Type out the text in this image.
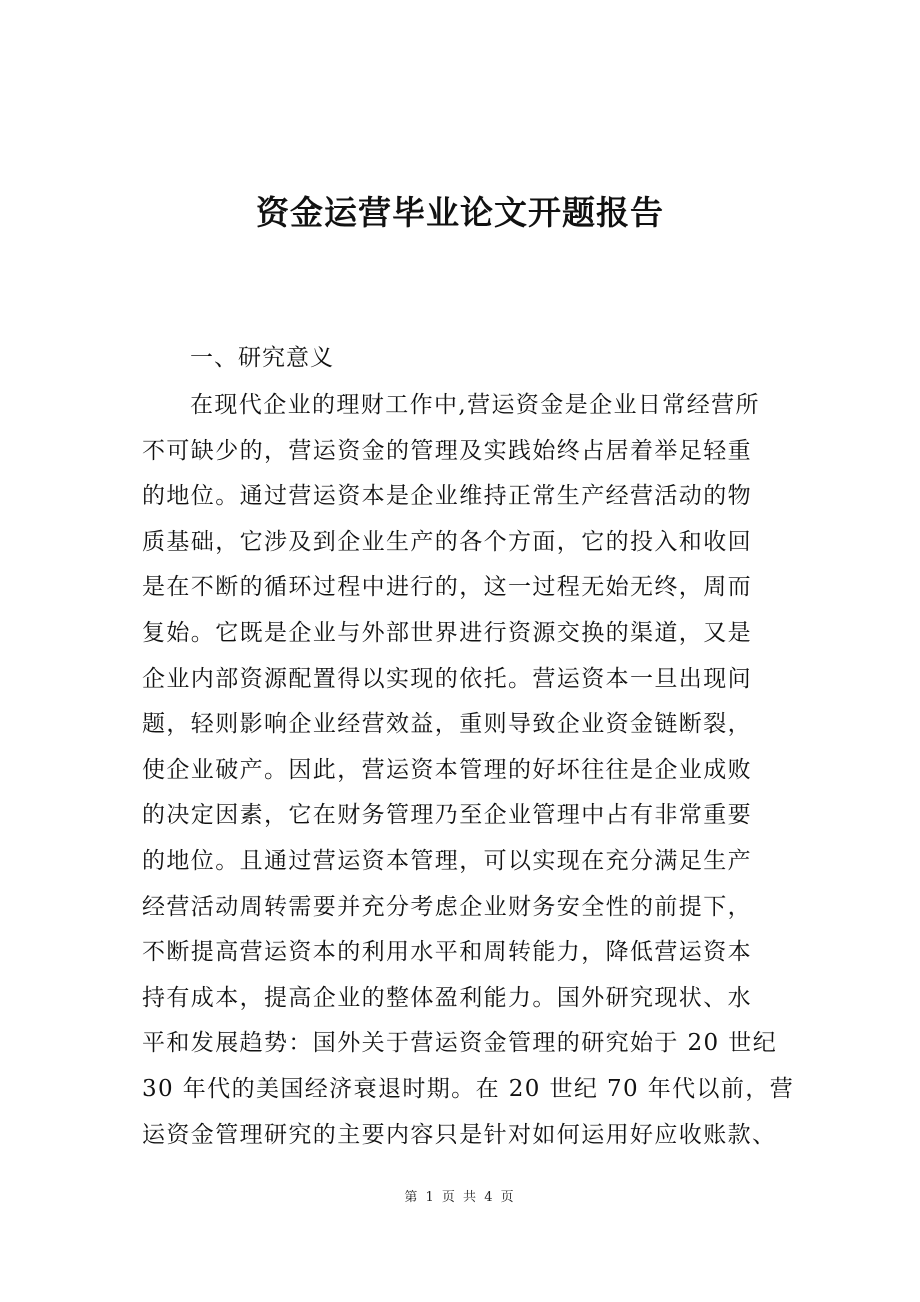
资金运营毕业论文开题报告

一、研究意义

在现代企业的理财工作中,营运资金是企业日常经营所
不可缺少的，营运资金的管理及实践始终占居着举足轻重
的地位。通过营运资本是企业维持正常生产经营活动的物
质基础，它涉及到企业生产的各个方面，它的投入和收回
是在不断的循环过程中进行的，这一过程无始无终，周而
复始。它既是企业与外部世界进行资源交换的渠道，又是
企业内部资源配置得以实现的依托。营运资本一旦出现问
题，轻则影响企业经营效益，重则导致企业资金链断裂，
使企业破产。因此，营运资本管理的好坏往往是企业成败
的决定因素，它在财务管理乃至企业管理中占有非常重要
的地位。且通过营运资本管理，可以实现在充分满足生产
经营活动周转需要并充分考虑企业财务安全性的前提下，
不断提高营运资本的利用水平和周转能力，降低营运资本
持有成本，提高企业的整体盈利能力。国外研究现状、水
平和发展趋势：国外关于营运资金管理的研究始于 20 世纪
30 年代的美国经济衰退时期。在 20 世纪 70 年代以前，营
运资金管理研究的主要内容只是针对如何运用好应收账款、
第 1 页 共 4 页
